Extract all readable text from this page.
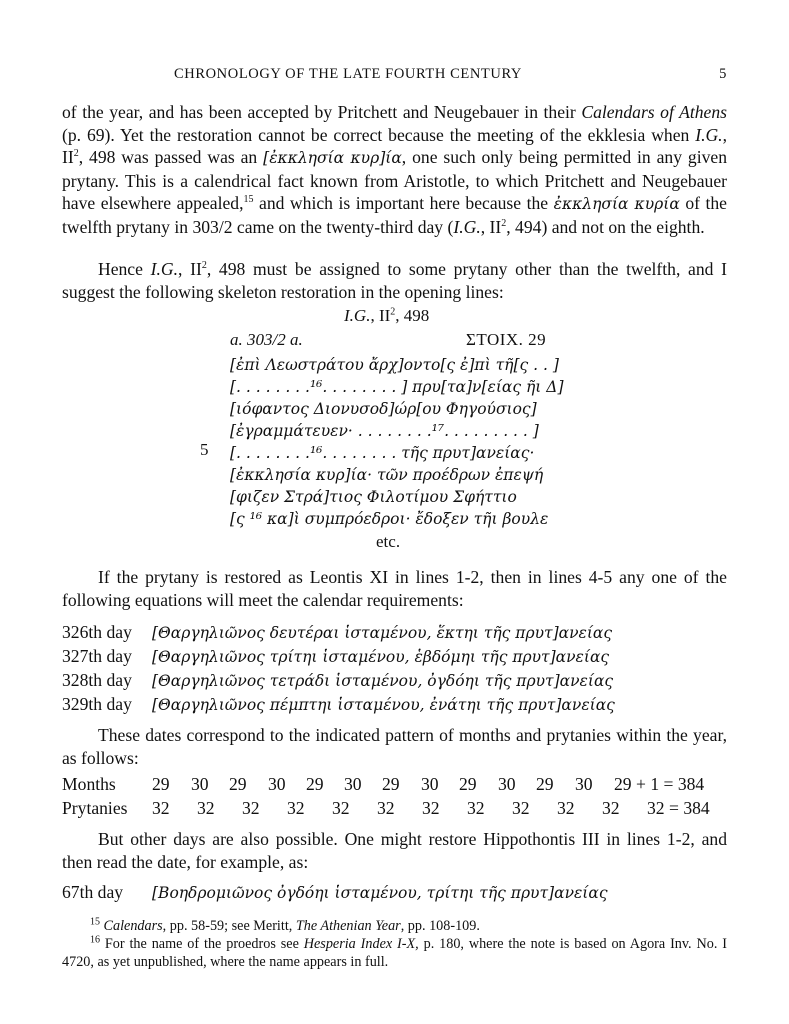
CHRONOLOGY OF THE LATE FOURTH CENTURY	5

of the year, and has been accepted by Pritchett and Neugebauer in their Calendars of Athens (p. 69). Yet the restoration cannot be correct because the meeting of the ekklesia when I.G., $II^2$, 498 was passed was an [ἐκκλησία κυρ]ία, one such only being permitted in any given prytany. This is a calendrical fact known from Aristotle, to which Pritchett and Neugebauer have elsewhere appealed,$^{15}$ and which is important here because the ἐκκλησία κυρία of the twelfth prytany in 303/2 came on the twenty-third day (I.G., $II^2$, 494) and not on the eighth.

Hence I.G., $II^2$, 498 must be assigned to some prytany other than the twelfth, and I suggest the following skeleton restoration in the opening lines:

I.G., $II^2$, 498
a. 303/2 a.	ΣΤΟΙΧ. 29
[ἐπὶ Λεωστράτου ἄρχ]οντο[ς ἐ]πὶ τῆ[ς . . ]
[. . . . . . . .¹⁶. . . . . . . . ] πρυ[τα]ν[είας ῆι Δ]
[ιόφαντος Διονυσοδ]ώρ[ου Φηγούσιος]
[ἐγραμμάτευεν· . . . . . . . .¹⁷. . . . . . . . . ]
5 [. . . . . . . .¹⁶. . . . . . . . τῆς πρυτ]ανείας·
[ἐκκλησία κυρ]ία· τῶν προέδρων ἐπεψή
[φιζεν Στρά]τιος Φιλοτίμου Σφήττιο
[ς ¹⁶ κα]ὶ συμπρόεδροι· ἔδοξεν τῆι βουλε
etc.

If the prytany is restored as Leontis XI in lines 1-2, then in lines 4-5 any one of the following equations will meet the calendar requirements:

326th day [Θαργηλιῶνος δευτέραι ἱσταμένου, ἕκτηι τῆς πρυτ]ανείας
327th day [Θαργηλιῶνος τρίτηι ἱσταμένου, ἑβδόμηι τῆς πρυτ]ανείας
328th day [Θαργηλιῶνος τετράδι ἱσταμένου, ὀγδόηι τῆς πρυτ]ανείας
329th day [Θαργηλιῶνος πέμπτηι ἱσταμένου, ἐνάτηι τῆς πρυτ]ανείας

These dates correspond to the indicated pattern of months and prytanies within the year, as follows:

Months 29 30 29 30 29 30 29 30 29 30 29 30 29 + 1 = 384
Prytanies 32 32 32 32 32 32 32 32 32 32 32 32 = 384

But other days are also possible. One might restore Hippothontis III in lines 1-2, and then read the date, for example, as:

67th day [Βοηδρομιῶνος ὀγδόηι ἱσταμένου, τρίτηι τῆς πρυτ]ανείας
$^{15}$ Calendars, pp. 58-59; see Meritt, The Athenian Year, pp. 108-109.
$^{16}$ For the name of the proedros see Hesperia Index I-X, p. 180, where the note is based on Agora Inv. No. I 4720, as yet unpublished, where the name appears in full.
